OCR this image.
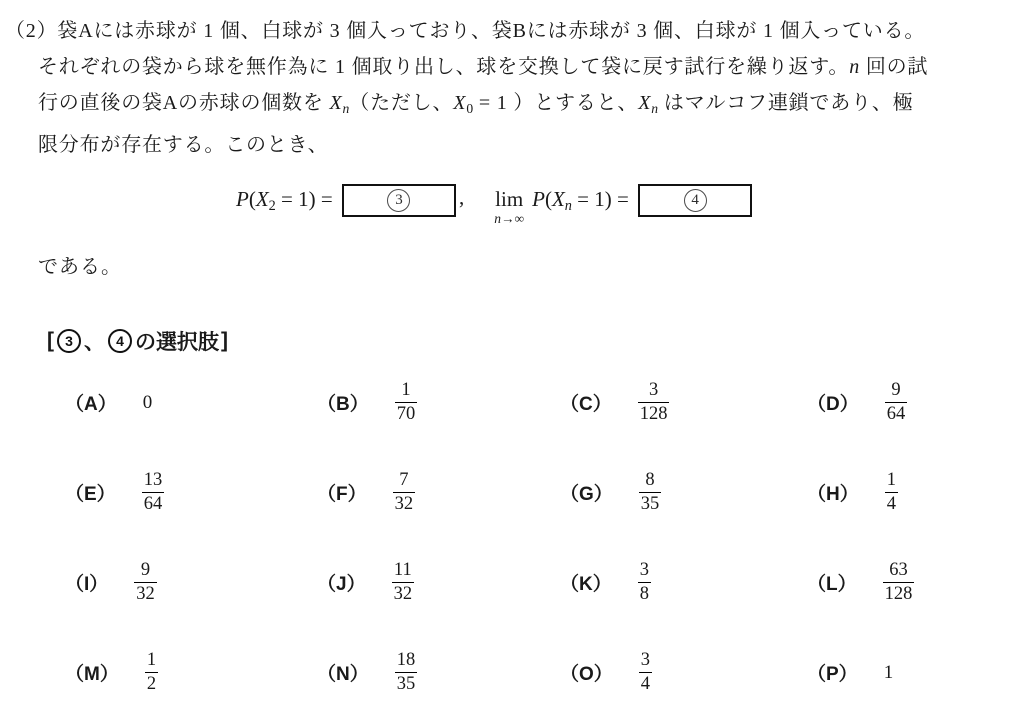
（2）袋Aには赤球が 1 個、白球が 3 個入っており、袋Bには赤球が 3 個、白球が 1 個入っている。
それぞれの袋から球を無作為に 1 個取り出し、球を交換して袋に戻す試行を繰り返す。n 回の試
行の直後の袋Aの赤球の個数を Xn（ただし、X0 = 1 ）とすると、Xn はマルコフ連鎖であり、極
限分布が存在する。このとき、
P(X2 = 1) =	3	, lim
n→∞
P(Xn = 1) =	4
である。
[ 3 、 4 の選択肢 ]
（A） 0	$(B) \frac{1}{70}$	$(C) \frac{3}{128}$	$(D) \frac{9}{64}$
$(E) \frac{13}{64}$	$(F) \frac{7}{32}$	$(G) \frac{8}{35}$	$(H) \frac{1}{4}$
$(I) \frac{9}{32}$	$(J) \frac{11}{32}$	$(K) \frac{3}{8}$	$(L) \frac{63}{128}$
$(M) \frac{1}{2}$	$(N) \frac{18}{35}$	$(O) \frac{3}{4}$	（P） 1
